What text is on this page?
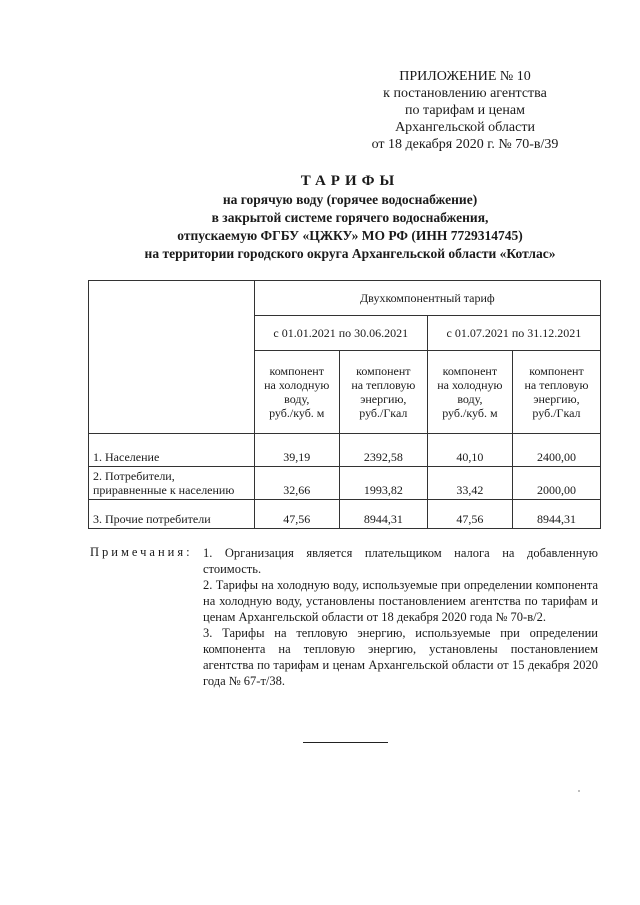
ПРИЛОЖЕНИЕ № 10
к постановлению агентства
по тарифам и ценам
Архангельской области
от 18 декабря 2020 г. № 70-в/39
ТАРИФЫ
на горячую воду (горячее водоснабжение)
в закрытой системе горячего водоснабжения,
отпускаемую ФГБУ «ЦЖКУ» МО РФ (ИНН 7729314745)
на территории городского округа Архангельской области «Котлас»
	Двухкомпонентный тариф			
	с 01.01.2021 по 30.06.2021		с 01.07.2021 по 31.12.2021	
	компонент
на холодную
воду,
руб./куб. м	компонент
на тепловую
энергию,
руб./Гкал	компонент
на холодную
воду,
руб./куб. м	компонент
на тепловую
энергию,
руб./Гкал
1. Население	39,19	2392,58	40,10	2400,00
2. Потребители, приравненные к населению	32,66	1993,82	33,42	2000,00
3. Прочие потребители	47,56	8944,31	47,56	8944,31
Примечания: 1. Организация является плательщиком налога на добавленную стоимость.

2. Тарифы на холодную воду, используемые при определении компонента на холодную воду, установлены постановлением агентства по тарифам и ценам Архангельской области от 18 декабря 2020 года № 70-в/2.

3. Тарифы на тепловую энергию, используемые при определении компонента на тепловую энергию, установлены постановлением агентства по тарифам и ценам Архангельской области от 15 декабря 2020 года № 67-т/38.
